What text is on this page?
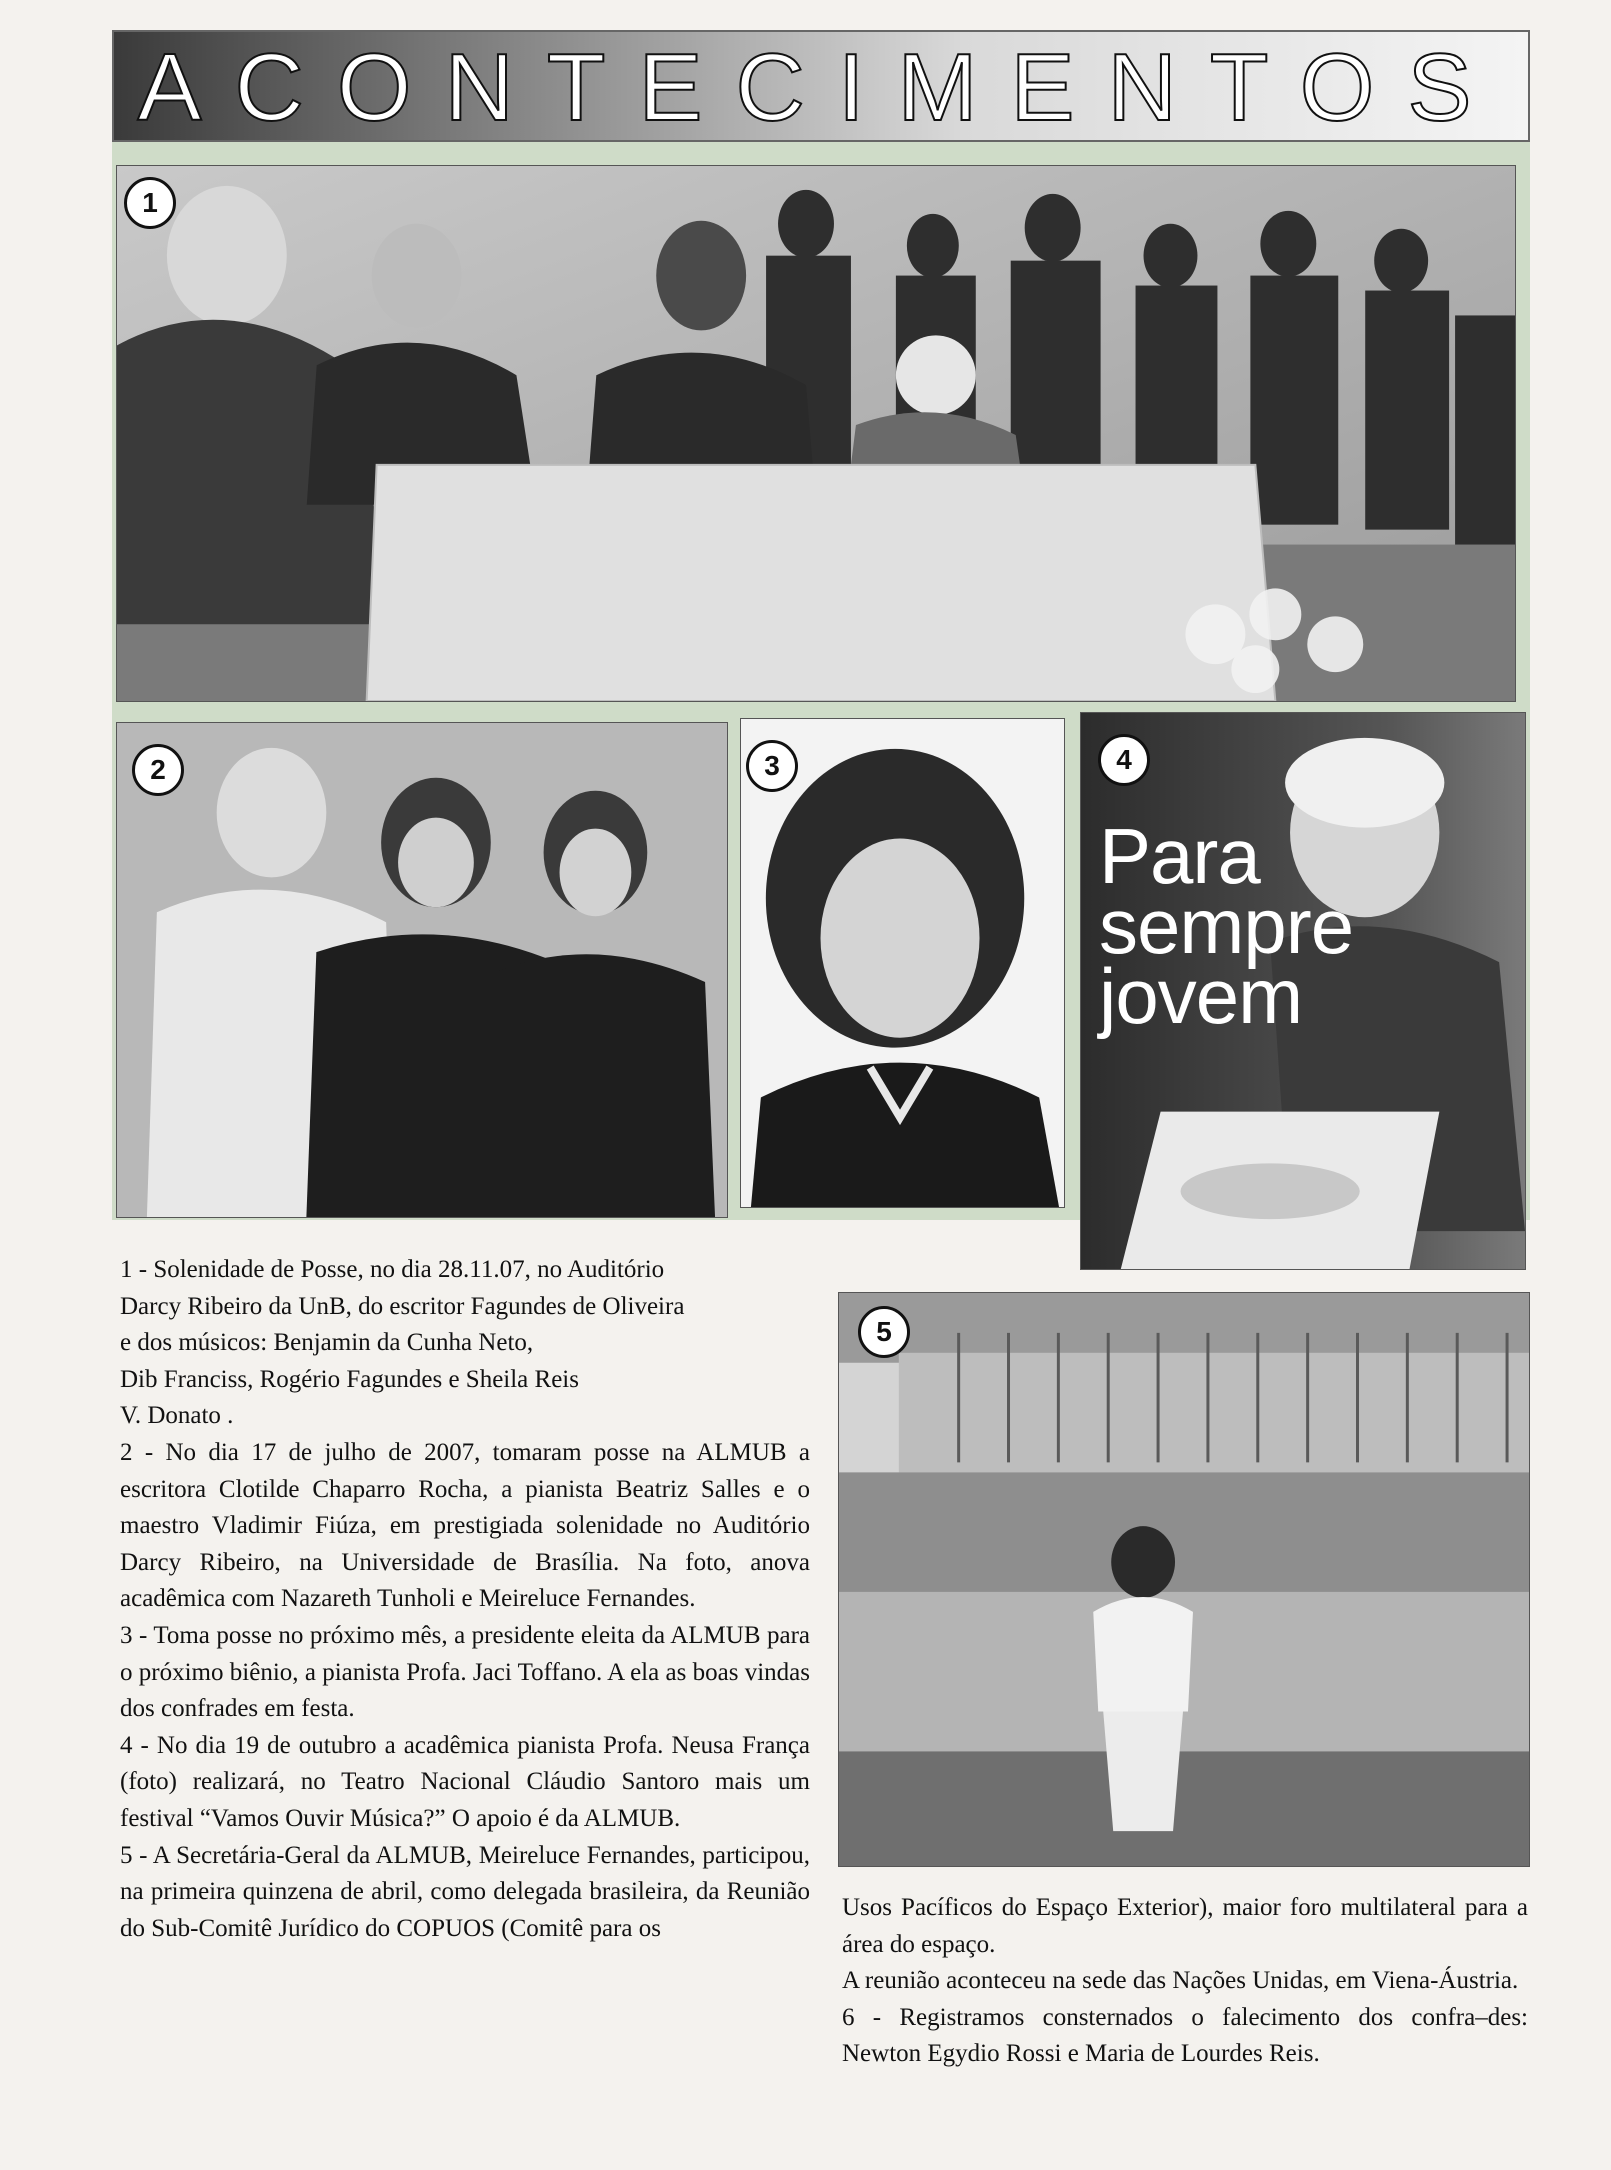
ACONTECIMENTOS
1
2	3
Para
sempre
jovem
4
5

1 - Solenidade de Posse, no dia 28.11.07, no Auditório

Darcy Ribeiro da UnB, do escritor Fagundes de Oliveira

e dos músicos: Benjamin da Cunha Neto,

Dib Franciss, Rogério Fagundes e Sheila Reis

V. Donato .

2 - No dia 17 de julho de 2007, tomaram posse na ALMUB a escritora Clotilde Chaparro Rocha, a pianista Beatriz Salles e o maestro Vladimir Fiúza, em prestigiada solenidade no Auditório Darcy Ribeiro, na Universidade de Brasília. Na foto, anova acadêmica com Nazareth Tunholi e Meireluce Fernandes.

3 - Toma posse no próximo mês, a presidente eleita da ALMUB para o próximo biênio, a pianista Profa. Jaci Toffano. A ela as boas vindas dos confrades em festa.

4 - No dia 19 de outubro a acadêmica pianista Profa. Neusa França (foto) realizará, no Teatro Nacional Cláudio Santoro mais um festival “Vamos Ouvir Música?” O apoio é da ALMUB.

5 - A Secretária-Geral da ALMUB, Meireluce Fernandes, participou, na primeira quinzena de abril, como delegada brasileira, da Reunião do Sub-Comitê Jurídico do COPUOS (Comitê para os

Usos Pacíficos do Espaço Exterior), maior foro multilateral para a área do espaço.

A reunião aconteceu na sede das Nações Unidas, em Viena-Áustria.

6 - Registramos consternados o falecimento dos confra–des: Newton Egydio Rossi e Maria de Lourdes Reis.
